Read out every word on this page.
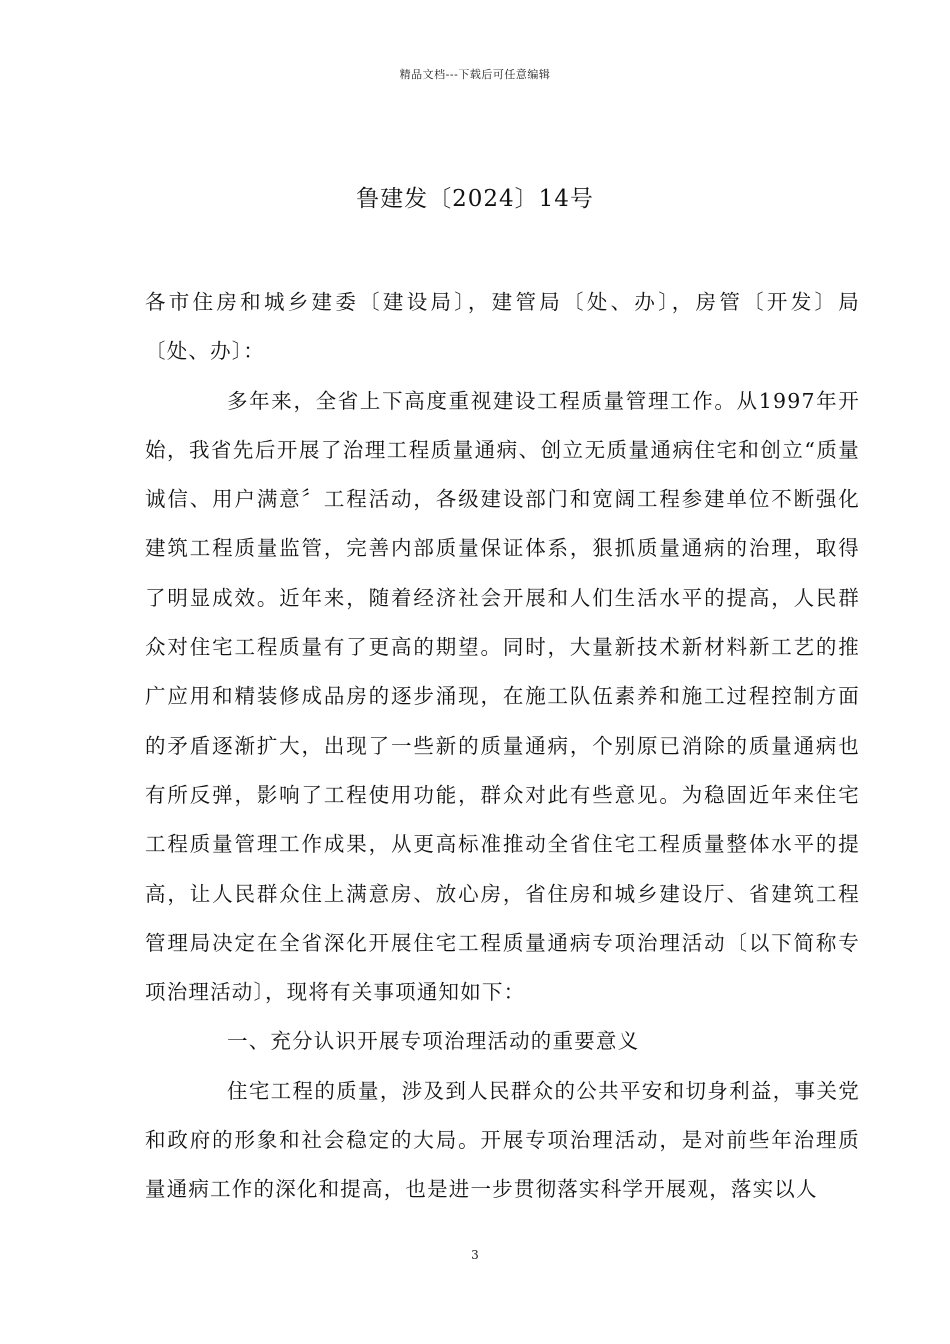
精品文档---下载后可任意编辑
鲁建发〔2024〕14号

各市住房和城乡建委〔建设局〕，建管局〔处、办〕，房管〔开发〕局〔处、办〕：

多年来，全省上下高度重视建设工程质量管理工作。从1997年开始，我省先后开展了治理工程质量通病、创立无质量通病住宅和创立“质量诚信、用户满意〞工程活动，各级建设部门和宽阔工程参建单位不断强化建筑工程质量监管，完善内部质量保证体系，狠抓质量通病的治理，取得了明显成效。近年来，随着经济社会开展和人们生活水平的提高，人民群众对住宅工程质量有了更高的期望。同时，大量新技术新材料新工艺的推广应用和精装修成品房的逐步涌现，在施工队伍素养和施工过程控制方面的矛盾逐渐扩大，出现了一些新的质量通病，个别原已消除的质量通病也有所反弹，影响了工程使用功能，群众对此有些意见。为稳固近年来住宅工程质量管理工作成果，从更高标准推动全省住宅工程质量整体水平的提高，让人民群众住上满意房、放心房，省住房和城乡建设厅、省建筑工程管理局决定在全省深化开展住宅工程质量通病专项治理活动〔以下简称专项治理活动〕，现将有关事项通知如下：

一、充分认识开展专项治理活动的重要意义

住宅工程的质量，涉及到人民群众的公共平安和切身利益，事关党和政府的形象和社会稳定的大局。开展专项治理活动，是对前些年治理质量通病工作的深化和提高，也是进一步贯彻落实科学开展观，落实以人

3
